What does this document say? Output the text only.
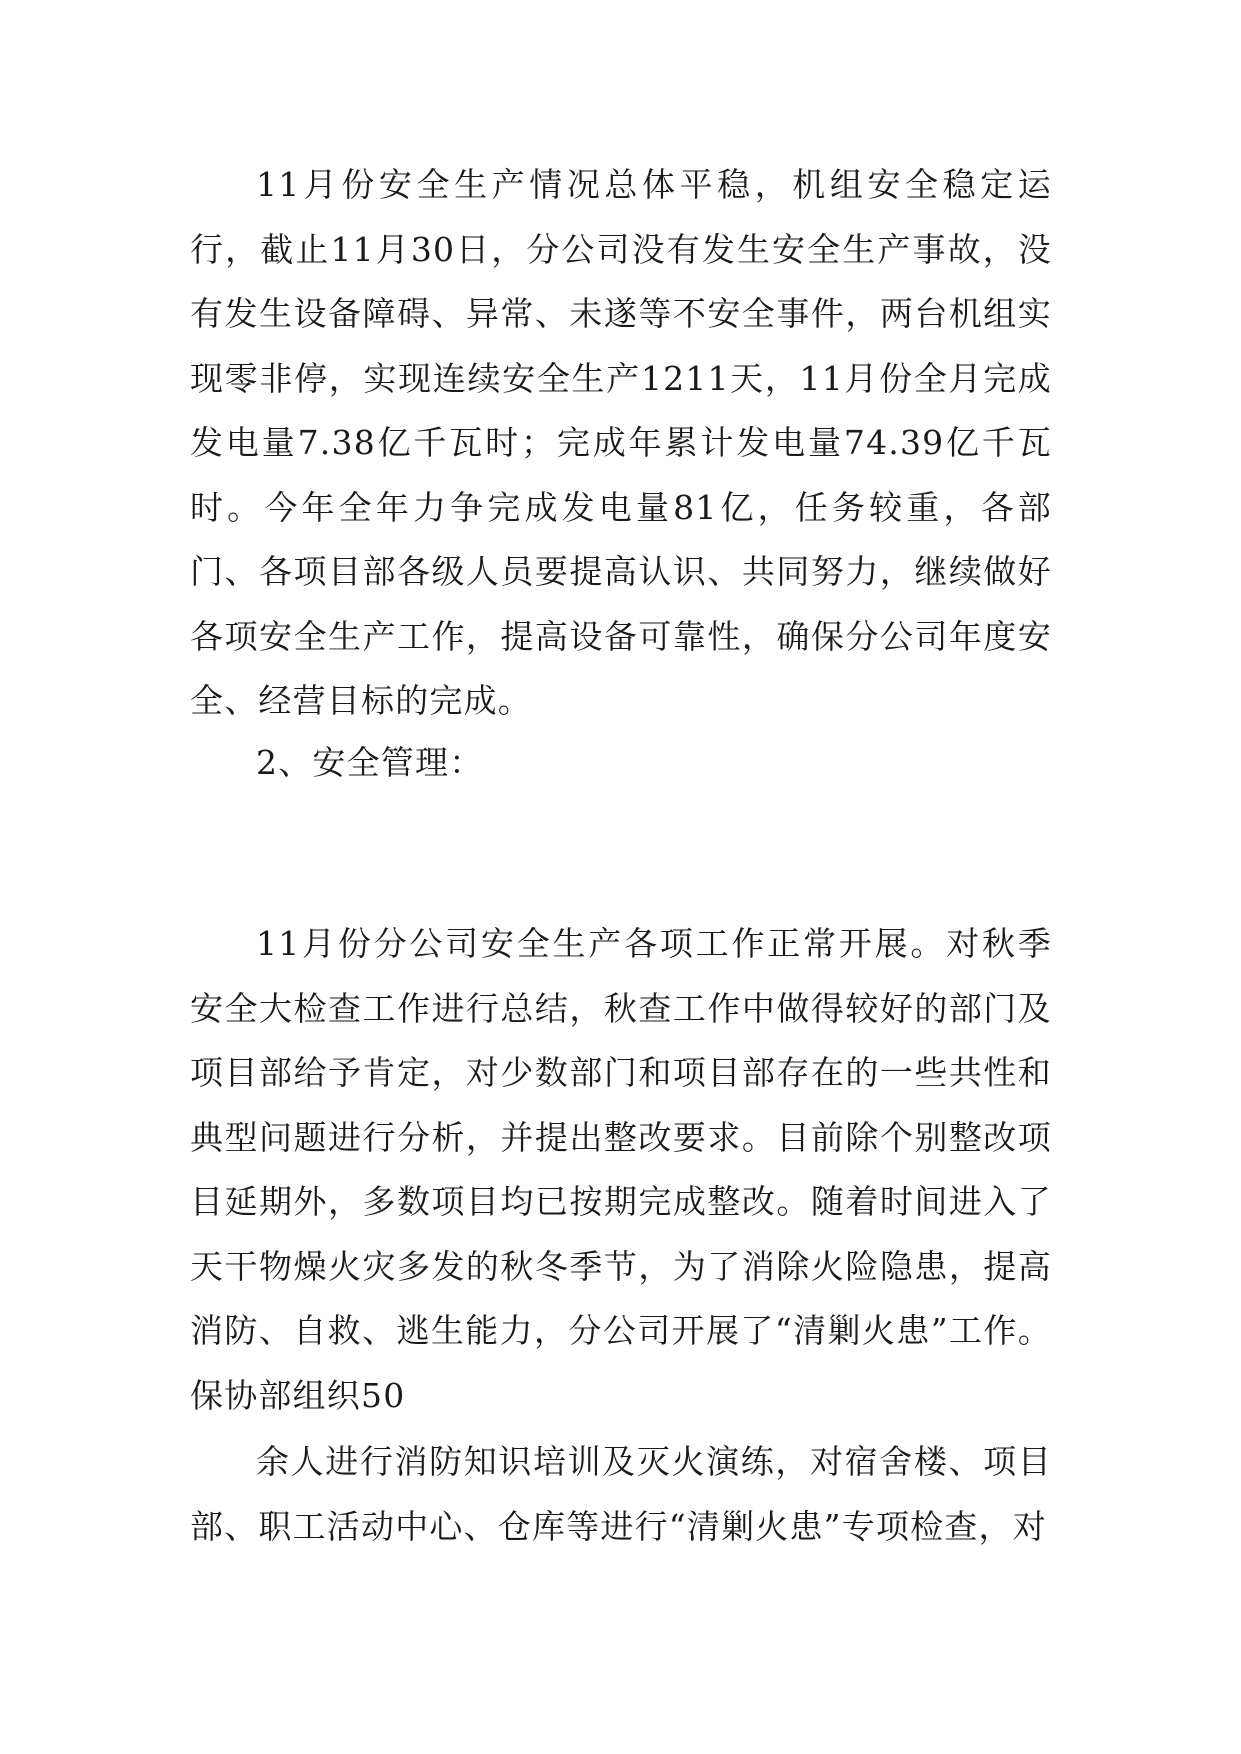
11月份安全生产情况总体平稳，机组安全稳定运行，截止11月30日，分公司没有发生安全生产事故，没有发生设备障碍、异常、未遂等不安全事件，两台机组实现零非停，实现连续安全生产1211天，11月份全月完成发电量7.38亿千瓦时；完成年累计发电量74.39亿千瓦时。今年全年力争完成发电量81亿，任务较重，各部门、各项目部各级人员要提高认识、共同努力，继续做好各项安全生产工作，提高设备可靠性，确保分公司年度安全、经营目标的完成。

2、安全管理：

11月份分公司安全生产各项工作正常开展。对秋季安全大检查工作进行总结，秋查工作中做得较好的部门及项目部给予肯定，对少数部门和项目部存在的一些共性和典型问题进行分析，并提出整改要求。目前除个别整改项目延期外，多数项目均已按期完成整改。随着时间进入了天干物燥火灾多发的秋冬季节，为了消除火险隐患，提高消防、自救、逃生能力，分公司开展了“清剿火患”工作。保协部组织50

余人进行消防知识培训及灭火演练，对宿舍楼、项目部、职工活动中心、仓库等进行“清剿火患”专项检查，对
